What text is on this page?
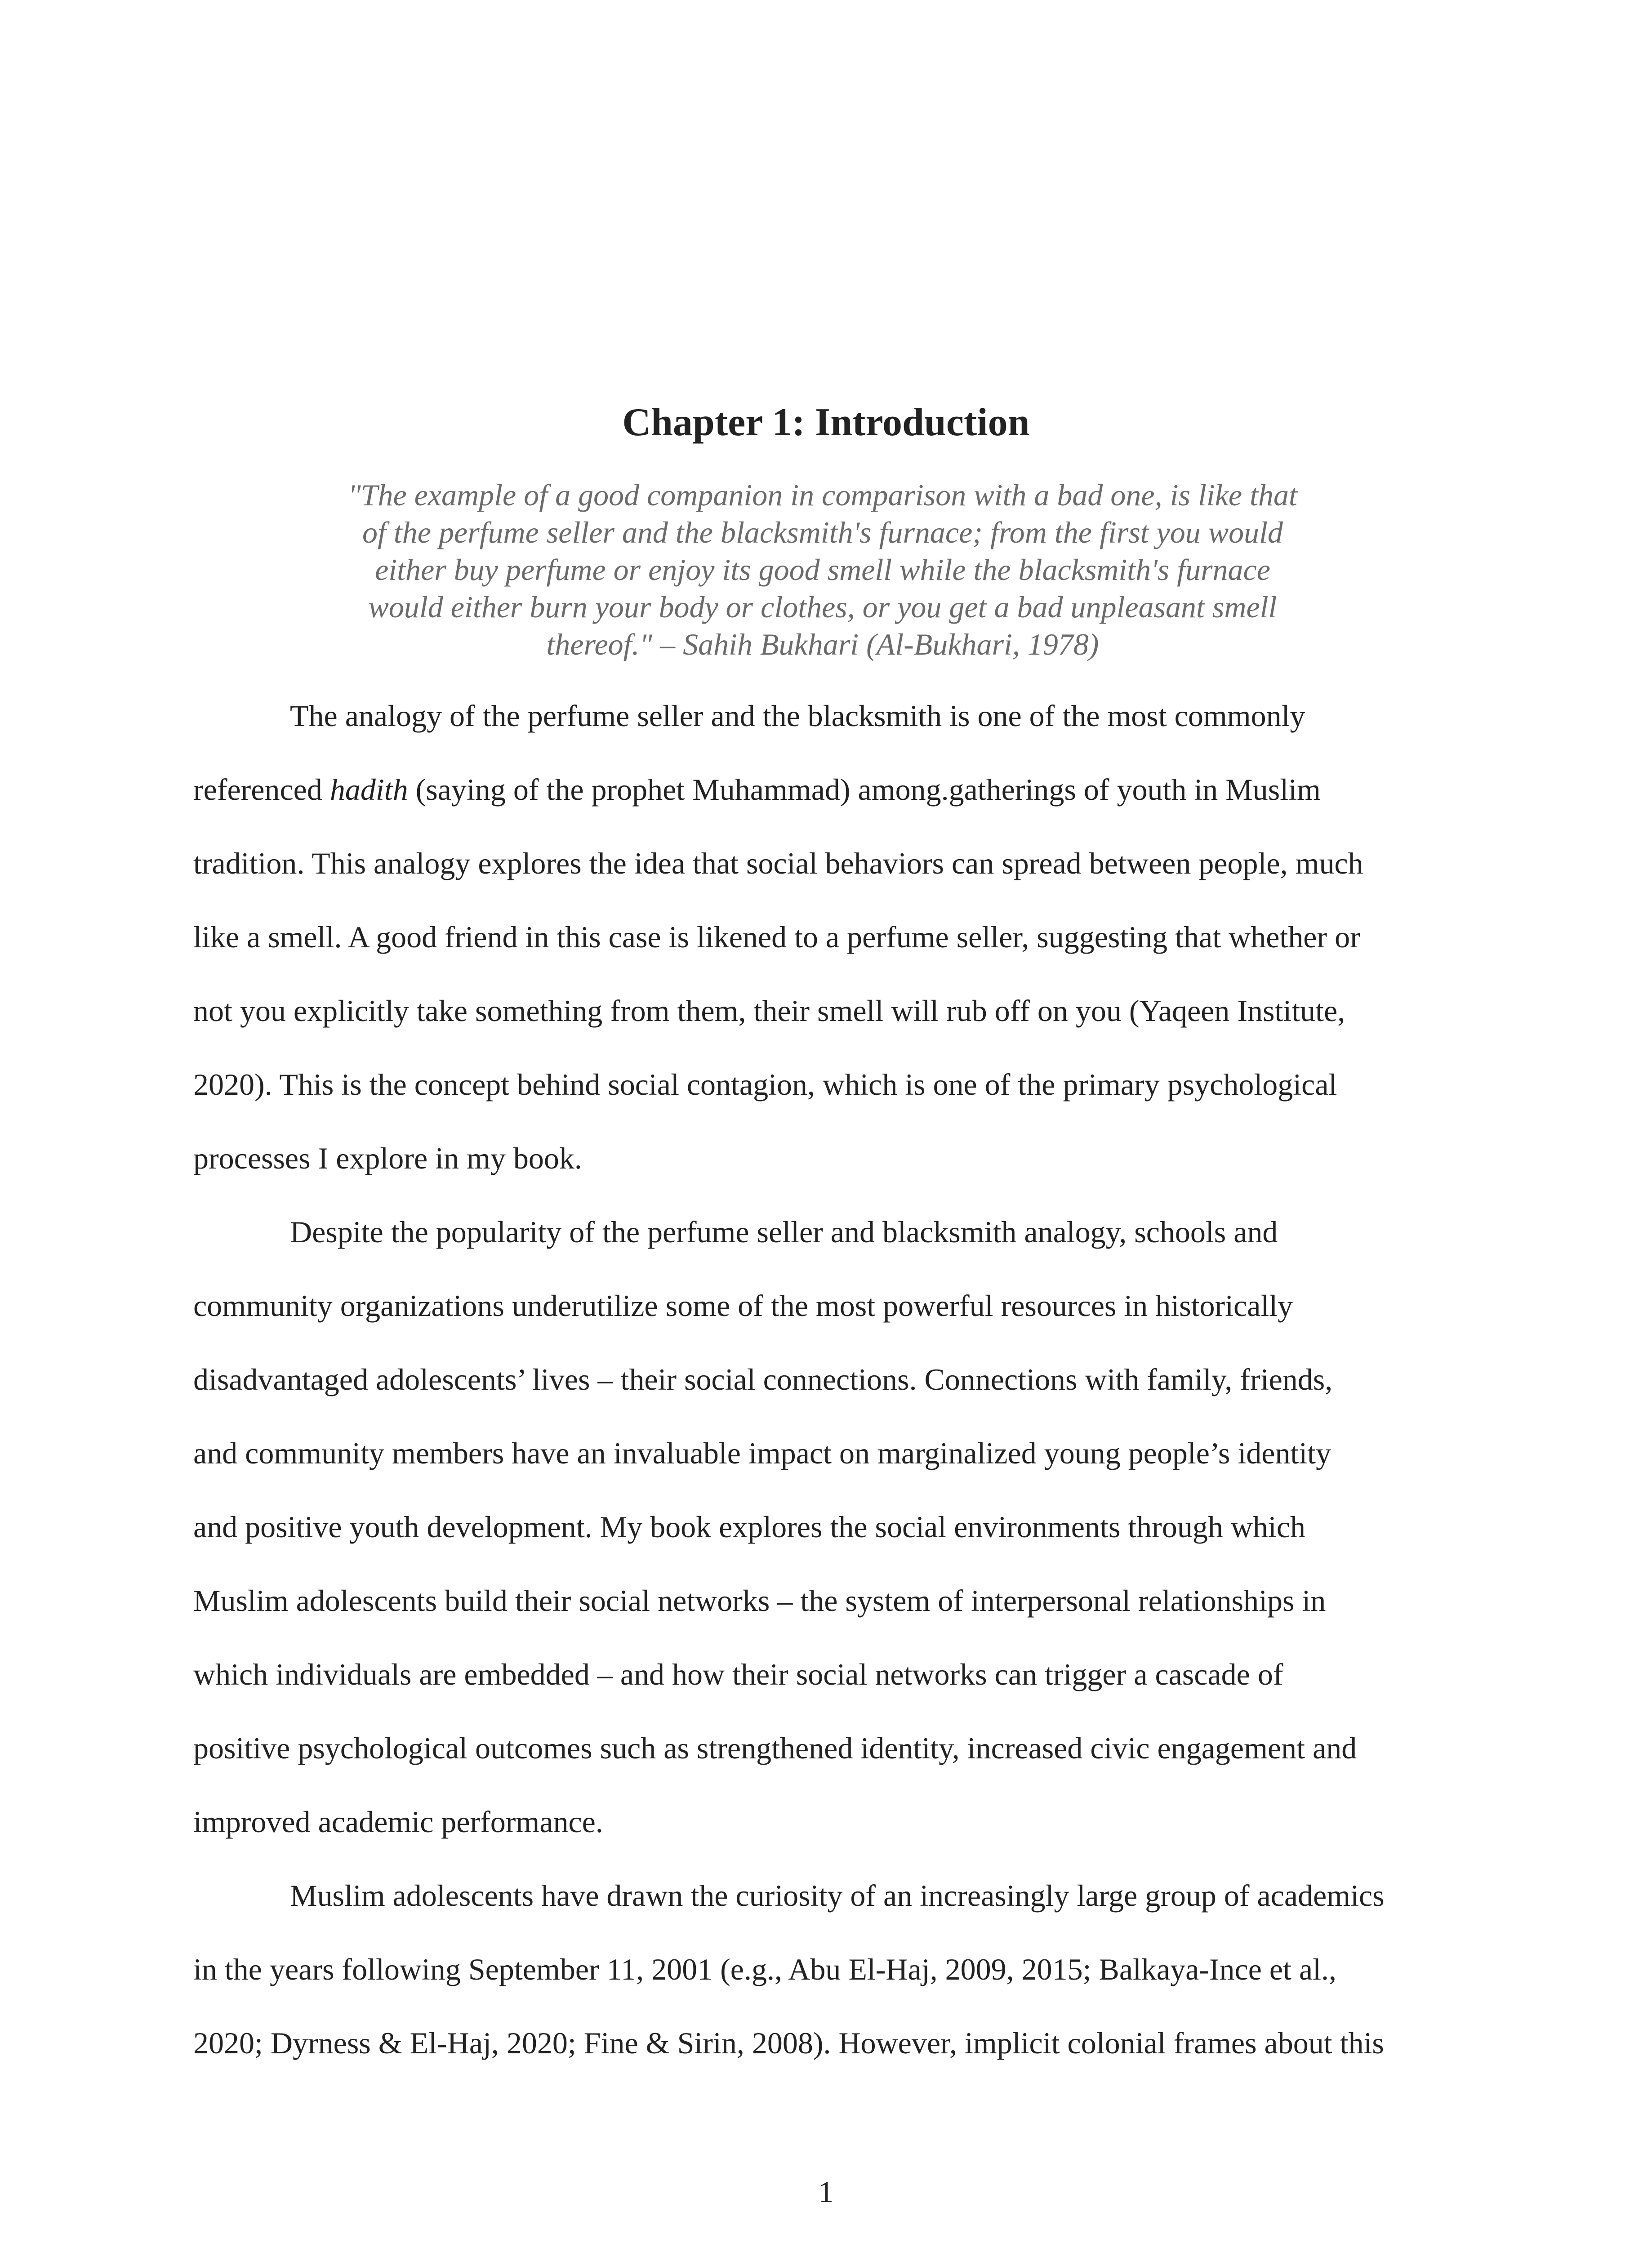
Chapter 1: Introduction
"The example of a good companion in comparison with a bad one, is like that
of the perfume seller and the blacksmith's furnace; from the first you would
either buy perfume or enjoy its good smell while the blacksmith's furnace
would either burn your body or clothes, or you get a bad unpleasant smell
thereof." – Sahih Bukhari (Al-Bukhari, 1978)
The analogy of the perfume seller and the blacksmith is one of the most commonly
referenced hadith (saying of the prophet Muhammad) among.gatherings of youth in Muslim
tradition. This analogy explores the idea that social behaviors can spread between people, much
like a smell. A good friend in this case is likened to a perfume seller, suggesting that whether or
not you explicitly take something from them, their smell will rub off on you (Yaqeen Institute,
2020). This is the concept behind social contagion, which is one of the primary psychological
processes I explore in my book.
Despite the popularity of the perfume seller and blacksmith analogy, schools and
community organizations underutilize some of the most powerful resources in historically
disadvantaged adolescents’ lives – their social connections. Connections with family, friends,
and community members have an invaluable impact on marginalized young people’s identity
and positive youth development. My book explores the social environments through which
Muslim adolescents build their social networks – the system of interpersonal relationships in
which individuals are embedded – and how their social networks can trigger a cascade of
positive psychological outcomes such as strengthened identity, increased civic engagement and
improved academic performance.
Muslim adolescents have drawn the curiosity of an increasingly large group of academics
in the years following September 11, 2001 (e.g., Abu El-Haj, 2009, 2015; Balkaya-Ince et al.,
2020; Dyrness & El-Haj, 2020; Fine & Sirin, 2008). However, implicit colonial frames about this
1
